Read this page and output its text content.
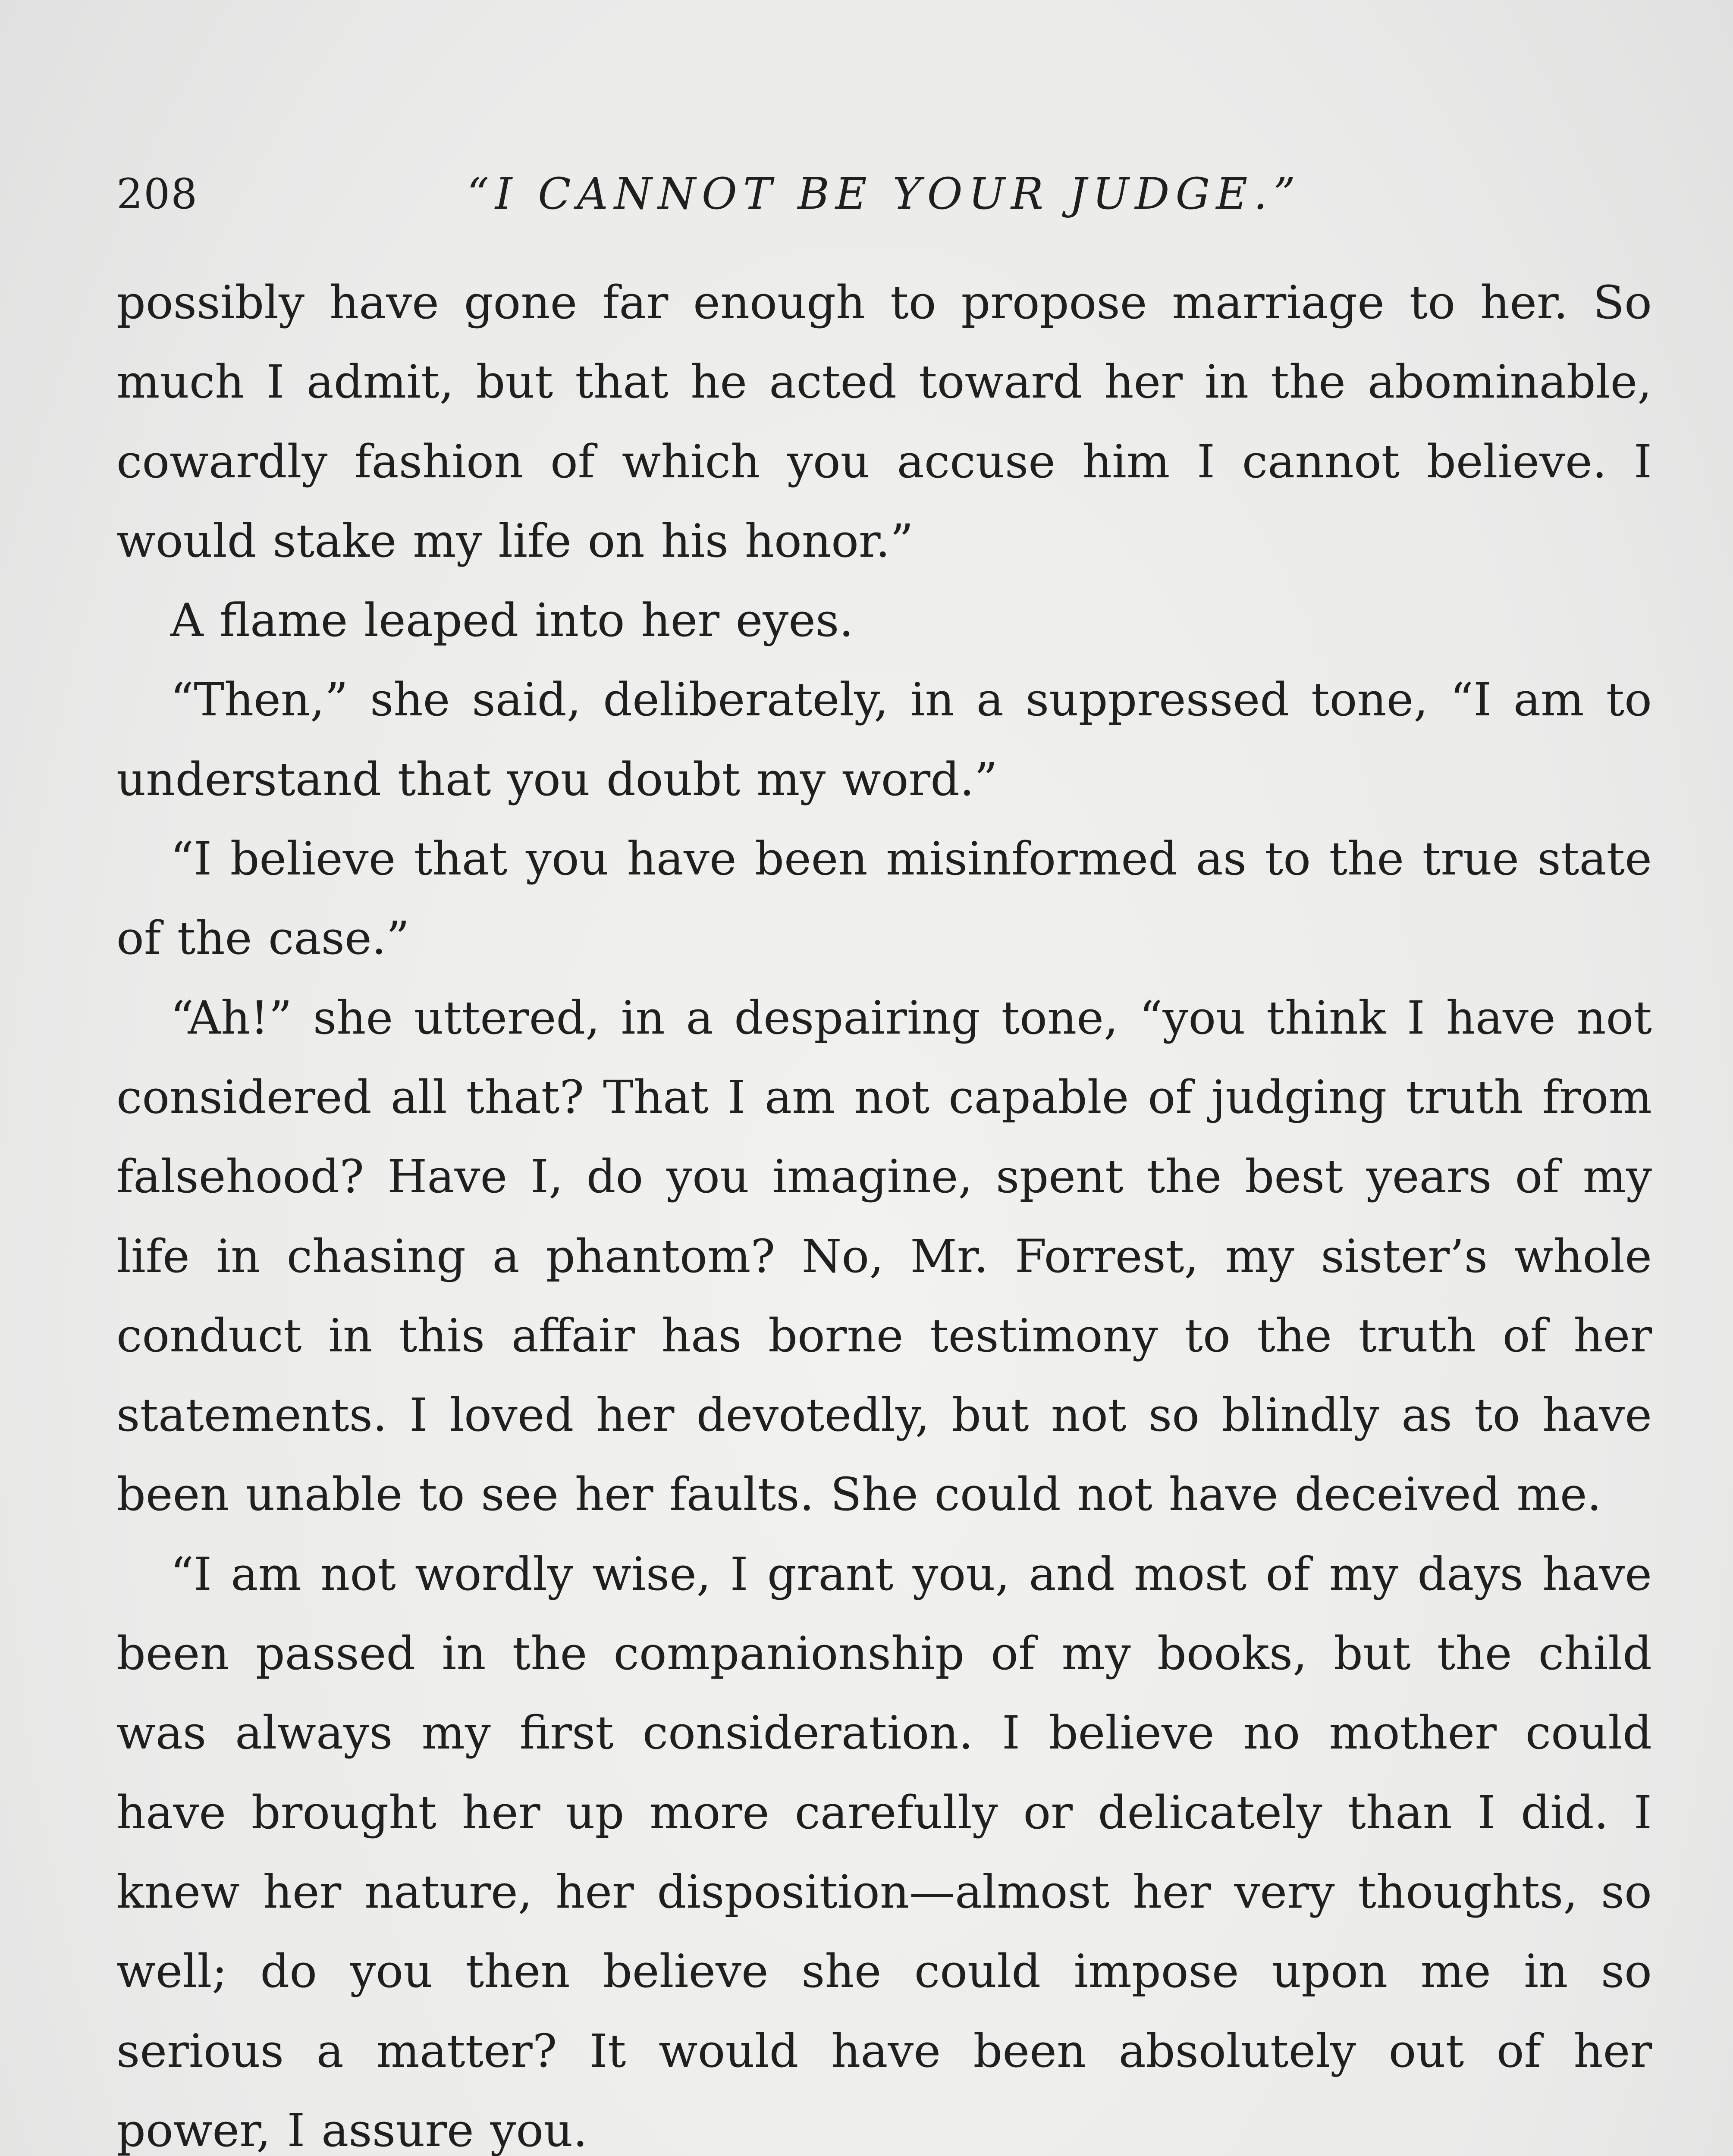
208	“I CANNOT BE YOUR JUDGE.”

possibly have gone far enough to propose marriage to her. So much I admit, but that he acted toward her in the abominable, cowardly fashion of which you accuse him I cannot believe. I would stake my life on his honor.”

A flame leaped into her eyes.

“Then,” she said, deliberately, in a suppressed tone, “I am to understand that you doubt my word.”

“I believe that you have been misinformed as to the true state of the case.”

“Ah!” she uttered, in a despairing tone, “you think I have not considered all that? That I am not capable of judging truth from falsehood? Have I, do you imagine, spent the best years of my life in chasing a phantom? No, Mr. Forrest, my sister’s whole conduct in this affair has borne testimony to the truth of her statements. I loved her devotedly, but not so blindly as to have been unable to see her faults. She could not have deceived me.

“I am not wordly wise, I grant you, and most of my days have been passed in the companionship of my books, but the child was always my first consideration. I believe no mother could have brought her up more carefully or delicately than I did. I knew her nature, her disposition—almost her very thoughts, so well; do you then believe she could impose upon me in so serious a matter? It would have been absolutely out of her power, I assure you.
